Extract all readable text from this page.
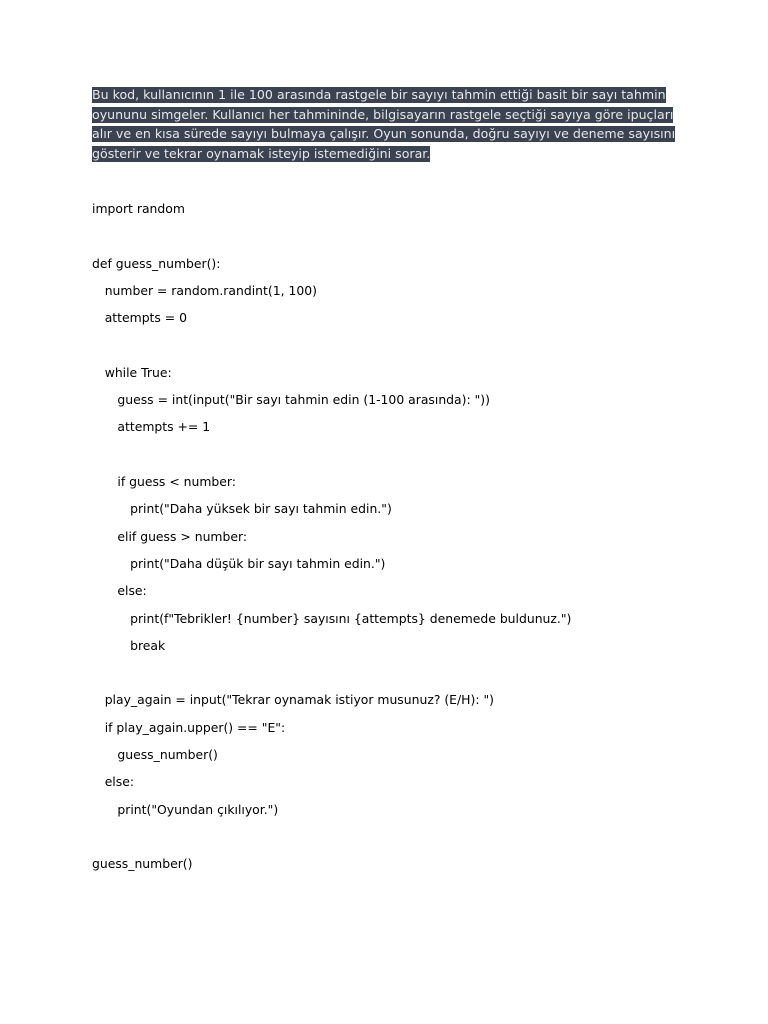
Bu kod, kullanıcının 1 ile 100 arasında rastgele bir sayıyı tahmin ettiği basit bir sayı tahmin
oyununu simgeler. Kullanıcı her tahmininde, bilgisayarın rastgele seçtiği sayıya göre ipuçları
alır ve en kısa sürede sayıyı bulmaya çalışır. Oyun sonunda, doğru sayıyı ve deneme sayısını
gösterir ve tekrar oynamak isteyip istemediğini sorar.
import random
def guess_number():
number = random.randint(1, 100)
attempts = 0
while True:
guess = int(input("Bir sayı tahmin edin (1-100 arasında): "))
attempts += 1
if guess < number:
print("Daha yüksek bir sayı tahmin edin.")
elif guess > number:
print("Daha düşük bir sayı tahmin edin.")
else:
print(f"Tebrikler! {number} sayısını {attempts} denemede buldunuz.")
break
play_again = input("Tekrar oynamak istiyor musunuz? (E/H): ")
if play_again.upper() == "E":
guess_number()
else:
print("Oyundan çıkılıyor.")
guess_number()
